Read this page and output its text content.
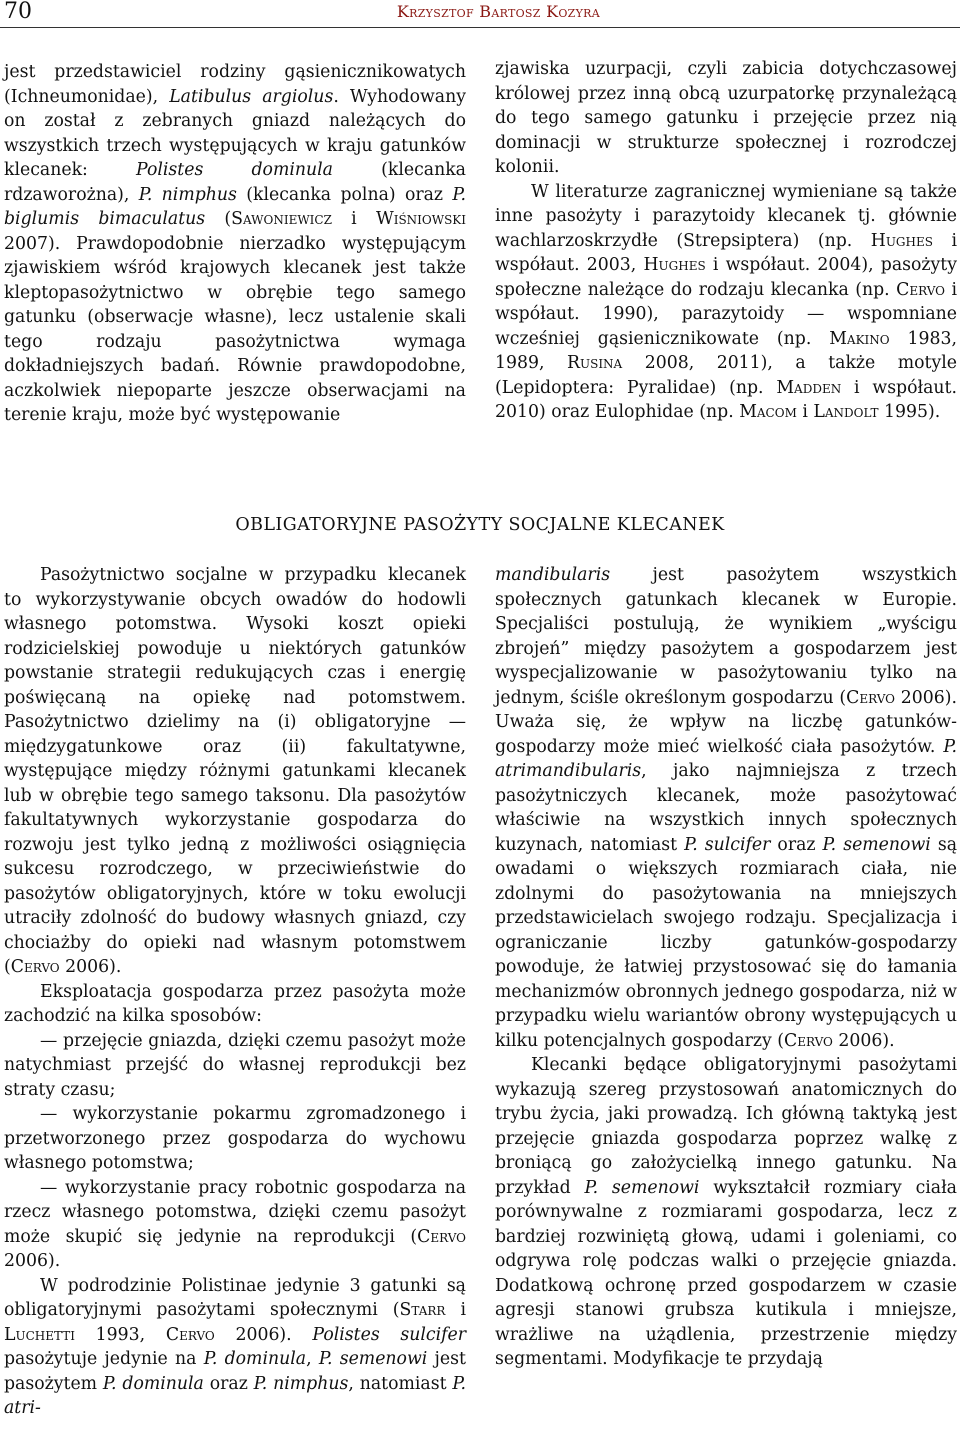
70	Krzysztof Bartosz Kozyra

jest przedstawiciel rodziny gąsienicznikowatych (Ichneumonidae), Latibulus argiolus. Wyhodowany on został z zebranych gniazd należących do wszystkich trzech występujących w kraju gatunków klecanek: Polistes dominula (klecanka rdzaworożna), P. nimphus (klecanka polna) oraz P. biglumis bimaculatus (Sawoniewicz i Wiśniowski 2007). Prawdopodobnie nierzadko występującym zjawiskiem wśród krajowych klecanek jest także kleptopasożytnictwo w obrębie tego samego gatunku (obserwacje własne), lecz ustalenie skali tego rodzaju pasożytnictwa wymaga dokładniejszych badań. Równie prawdopodobne, aczkolwiek niepoparte jeszcze obserwacjami na terenie kraju, może być występowanie

zjawiska uzurpacji, czyli zabicia dotychczasowej królowej przez inną obcą uzurpatorkę przynależącą do tego samego gatunku i przejęcie przez nią dominacji w strukturze społecznej i rozrodczej kolonii.

W literaturze zagranicznej wymieniane są także inne pasożyty i parazytoidy klecanek tj. głównie wachlarzoskrzydłe (Strepsiptera) (np. Hughes i współaut. 2003, Hughes i współaut. 2004), pasożyty społeczne należące do rodzaju klecanka (np. Cervo i współaut. 1990), parazytoidy — wspomniane wcześniej gąsienicznikowate (np. Makino 1983, 1989, Rusina 2008, 2011), a także motyle (Lepidoptera: Pyralidae) (np. Madden i współaut. 2010) oraz Eulophidae (np. Macom i Landolt 1995).

OBLIGATORYJNE PASOŻYTY SOCJALNE KLECANEK

Pasożytnictwo socjalne w przypadku klecanek to wykorzystywanie obcych owadów do hodowli własnego potomstwa. Wysoki koszt opieki rodzicielskiej powoduje u niektórych gatunków powstanie strategii redukujących czas i energię poświęcaną na opiekę nad potomstwem. Pasożytnictwo dzielimy na (i) obligatoryjne — międzygatunkowe oraz (ii) fakultatywne, występujące między różnymi gatunkami klecanek lub w obrębie tego samego taksonu. Dla pasożytów fakultatywnych wykorzystanie gospodarza do rozwoju jest tylko jedną z możliwości osiągnięcia sukcesu rozrodczego, w przeciwieństwie do pasożytów obligatoryjnych, które w toku ewolucji utraciły zdolność do budowy własnych gniazd, czy chociażby do opieki nad własnym potomstwem (Cervo 2006).

Eksploatacja gospodarza przez pasożyta może zachodzić na kilka sposobów:

— przejęcie gniazda, dzięki czemu pasożyt może natychmiast przejść do własnej reprodukcji bez straty czasu;

— wykorzystanie pokarmu zgromadzonego i przetworzonego przez gospodarza do wychowu własnego potomstwa;

— wykorzystanie pracy robotnic gospodarza na rzecz własnego potomstwa, dzięki czemu pasożyt może skupić się jedynie na reprodukcji (Cervo 2006).

W podrodzinie Polistinae jedynie 3 gatunki są obligatoryjnymi pasożytami społecznymi (Starr i Luchetti 1993, Cervo 2006). Polistes sulcifer pasożytuje jedynie na P. dominula, P. semenowi jest pasożytem P. dominula oraz P. nimphus, natomiast P. atri-

mandibularis jest pasożytem wszystkich społecznych gatunkach klecanek w Europie. Specjaliści postulują, że wynikiem „wyścigu zbrojeń” między pasożytem a gospodarzem jest wyspecjalizowanie w pasożytowaniu tylko na jednym, ściśle określonym gospodarzu (Cervo 2006). Uważa się, że wpływ na liczbę gatunków-gospodarzy może mieć wielkość ciała pasożytów. P. atrimandibularis, jako najmniejsza z trzech pasożytniczych klecanek, może pasożytować właściwie na wszystkich innych społecznych kuzynach, natomiast P. sulcifer oraz P. semenowi są owadami o większych rozmiarach ciała, nie zdolnymi do pasożytowania na mniejszych przedstawicielach swojego rodzaju. Specjalizacja i ograniczanie liczby gatunków-gospodarzy powoduje, że łatwiej przystosować się do łamania mechanizmów obronnych jednego gospodarza, niż w przypadku wielu wariantów obrony występujących u kilku potencjalnych gospodarzy (Cervo 2006).

Klecanki będące obligatoryjnymi pasożytami wykazują szereg przystosowań anatomicznych do trybu życia, jaki prowadzą. Ich główną taktyką jest przejęcie gniazda gospodarza poprzez walkę z broniącą go założycielką innego gatunku. Na przykład P. semenowi wykształcił rozmiary ciała porównywalne z rozmiarami gospodarza, lecz z bardziej rozwiniętą głową, udami i goleniami, co odgrywa rolę podczas walki o przejęcie gniazda. Dodatkową ochronę przed gospodarzem w czasie agresji stanowi grubsza kutikula i mniejsze, wrażliwe na użądlenia, przestrzenie między segmentami. Modyfikacje te przydają
